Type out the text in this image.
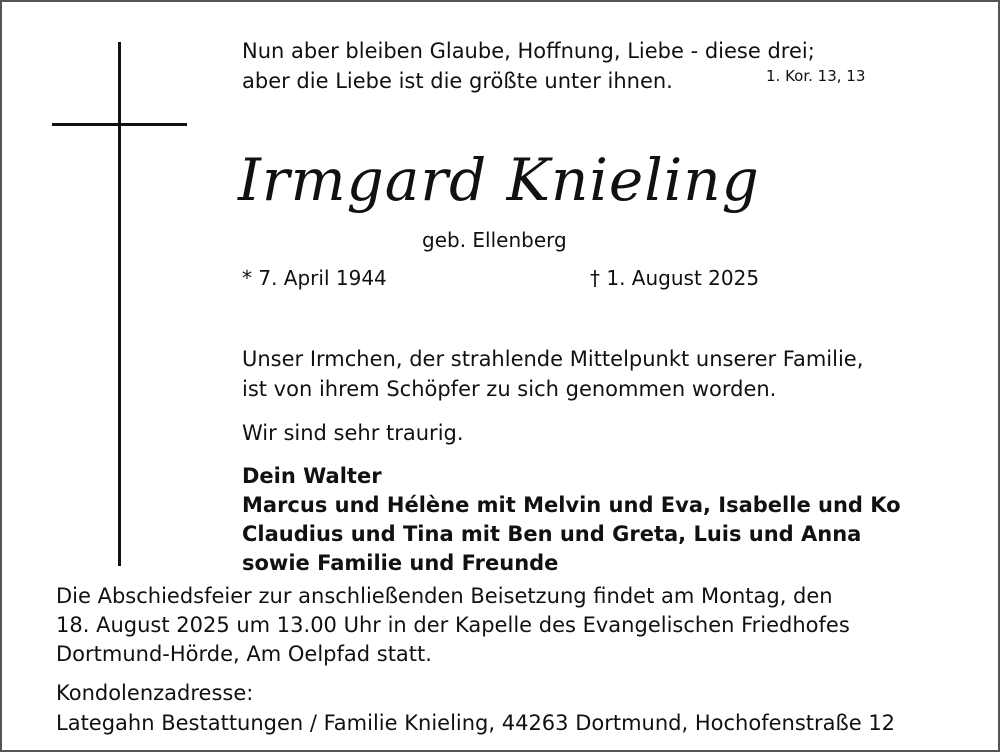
Nun aber bleiben Glaube, Hoffnung, Liebe - diese drei;
aber die Liebe ist die größte unter ihnen.	1. Kor. 13, 13
Irmgard Knieling
geb. Ellenberg
* 7. April 1944	† 1. August 2025
Unser Irmchen, der strahlende Mittelpunkt unserer Familie,
ist von ihrem Schöpfer zu sich genommen worden.
Wir sind sehr traurig.
Dein Walter
Marcus und Hélène mit Melvin und Eva, Isabelle und Ko
Claudius und Tina mit Ben und Greta, Luis und Anna
sowie Familie und Freunde
Die Abschiedsfeier zur anschließenden Beisetzung findet am Montag, den
18. August 2025 um 13.00 Uhr in der Kapelle des Evangelischen Friedhofes
Dortmund-Hörde, Am Oelpfad statt.
Kondolenzadresse:
Lategahn Bestattungen / Familie Knieling, 44263 Dortmund, Hochofenstraße 12
